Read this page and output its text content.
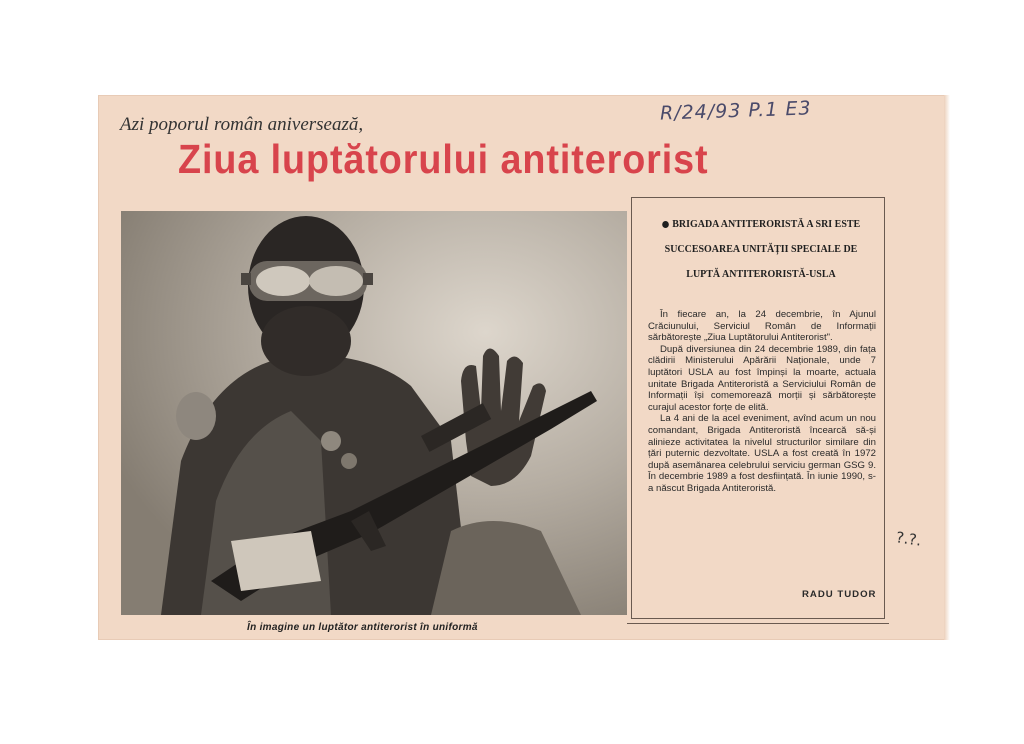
R/24/93 P.1 E3
Azi poporul român aniversează,
Ziua luptătorului antiterorist
În imagine un luptător antiterorist în uniformă
BRIGADA ANTITERORISTĂ A SRI ESTE SUCCESOAREA UNITĂȚII SPECIALE DE LUPTĂ ANTITERORISTĂ-USLA

În fiecare an, la 24 decembrie, în Ajunul Crăciunului, Serviciul Român de Informații sărbătorește „Ziua Luptătorului Antiterorist".

După diversiunea din 24 decembrie 1989, din fața clădirii Ministerului Apărării Naționale, unde 7 luptători USLA au fost împinși la moarte, actuala unitate Brigada Antiteroristă a Serviciului Român de Informații își comemorează morții și sărbătorește curajul acestor forțe de elită.

La 4 ani de la acel eveniment, avînd acum un nou comandant, Brigada Antiteroristă încearcă să-și alinieze activitatea la nivelul structurilor similare din țări puternic dezvoltate. USLA a fost creată în 1972 după asemănarea celebrului serviciu german GSG 9. În decembrie 1989 a fost desființată. În iunie 1990, s-a născut Brigada Antiteroristă.

RADU TUDOR
?.?.
